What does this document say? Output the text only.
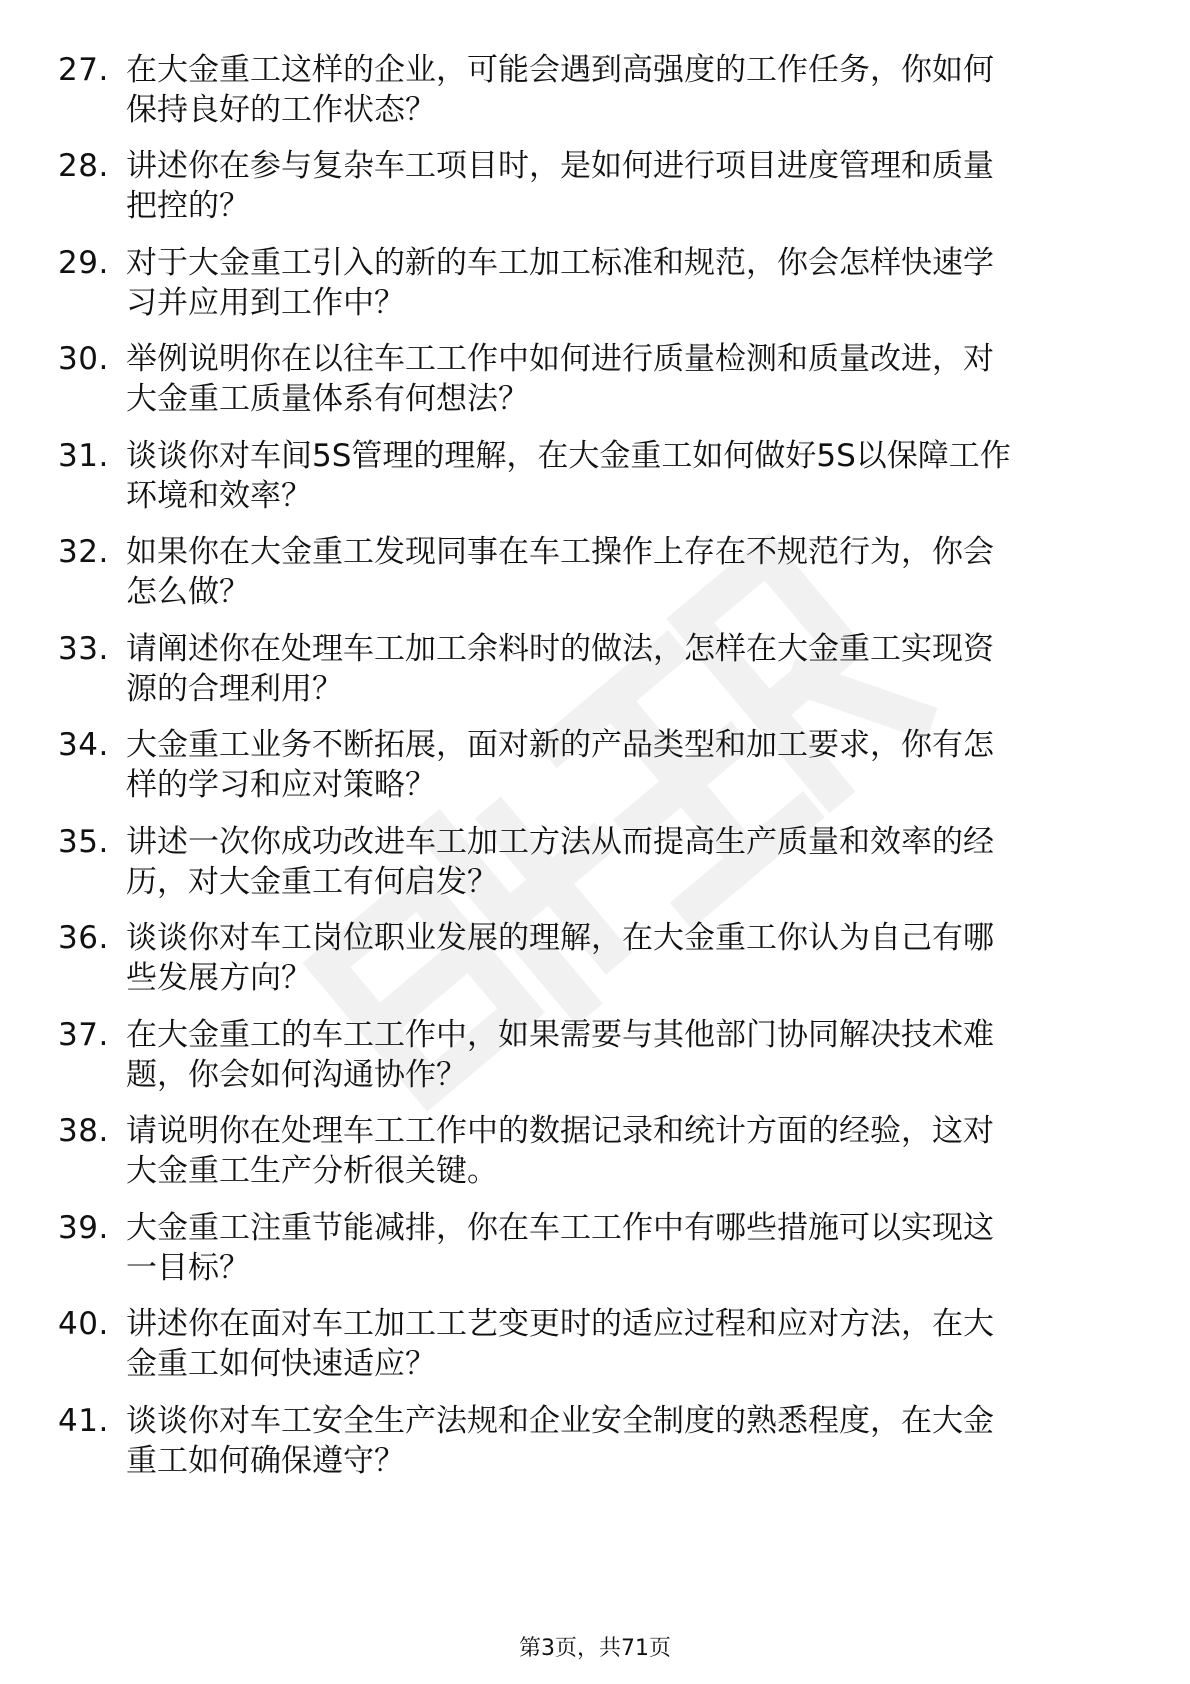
27. 在大金重工这样的企业，可能会遇到高强度的工作任务，你如何
保持良好的工作状态？
28. 讲述你在参与复杂车工项目时，是如何进行项目进度管理和质量
把控的？
29. 对于大金重工引入的新的车工加工标准和规范，你会怎样快速学
习并应用到工作中？
30. 举例说明你在以往车工工作中如何进行质量检测和质量改进，对
大金重工质量体系有何想法？
31. 谈谈你对车间5S管理的理解，在大金重工如何做好5S以保障工作
环境和效率？
32. 如果你在大金重工发现同事在车工操作上存在不规范行为，你会
怎么做？
33. 请阐述你在处理车工加工余料时的做法，怎样在大金重工实现资
源的合理利用？
34. 大金重工业务不断拓展，面对新的产品类型和加工要求，你有怎
样的学习和应对策略？
35. 讲述一次你成功改进车工加工方法从而提高生产质量和效率的经
历，对大金重工有何启发？
36. 谈谈你对车工岗位职业发展的理解，在大金重工你认为自己有哪
些发展方向？
37. 在大金重工的车工工作中，如果需要与其他部门协同解决技术难
题，你会如何沟通协作？
38. 请说明你在处理车工工作中的数据记录和统计方面的经验，这对
大金重工生产分析很关键。
39. 大金重工注重节能减排，你在车工工作中有哪些措施可以实现这
一目标？
40. 讲述你在面对车工加工工艺变更时的适应过程和应对方法，在大
金重工如何快速适应？
41. 谈谈你对车工安全生产法规和企业安全制度的熟悉程度，在大金
重工如何确保遵守？
第3页，共71页
